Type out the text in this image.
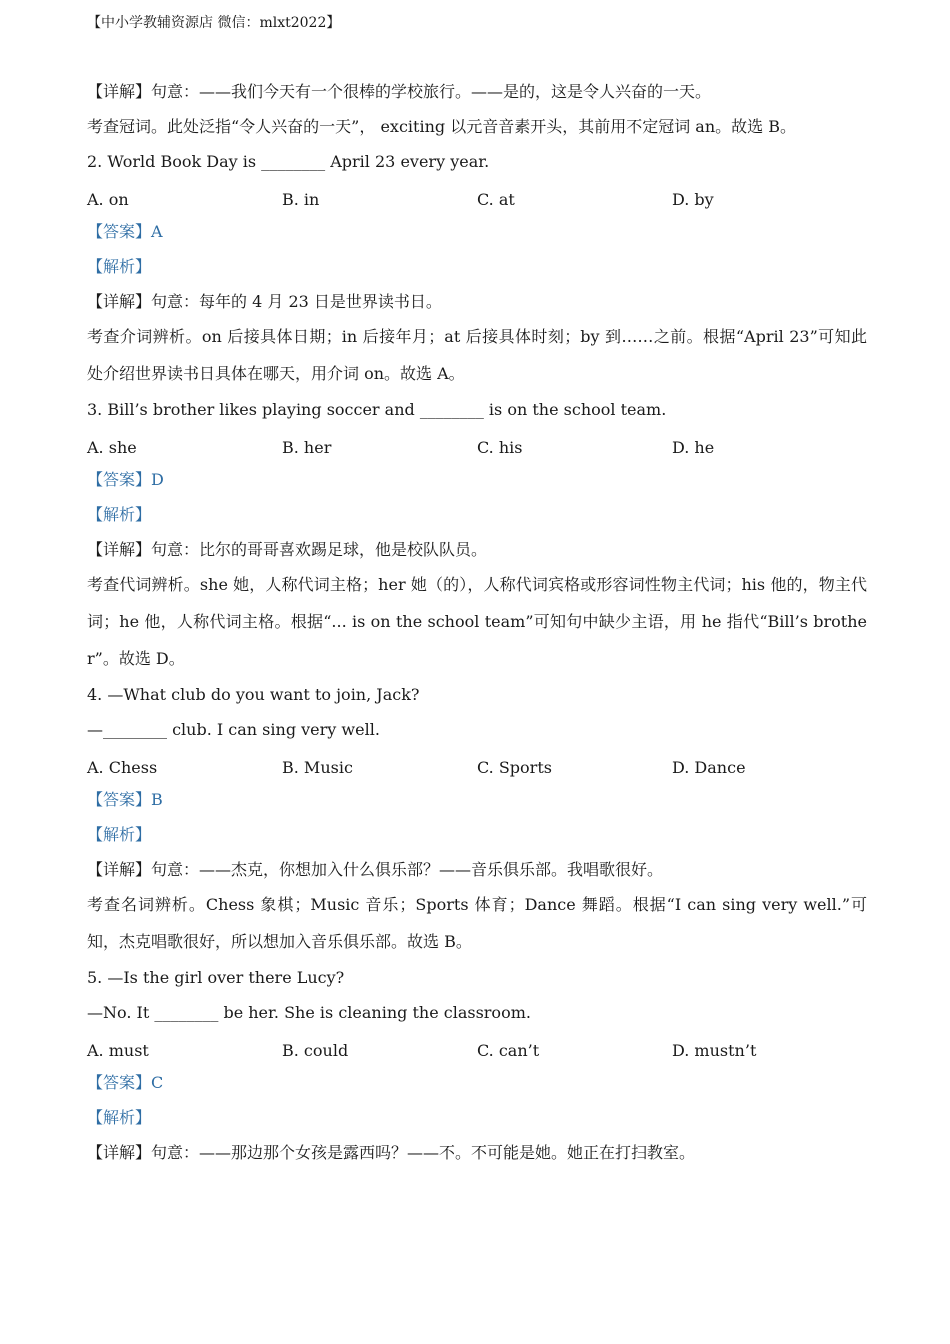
【中小学教辅资源店 微信：mlxt2022】
【详解】句意：——我们今天有一个很棒的学校旅行。——是的，这是令人兴奋的一天。
考查冠词。此处泛指“令人兴奋的一天”， exciting 以元音音素开头，其前用不定冠词 an。故选 B。
2. World Book Day is ________ April 23 every year.
A. on	B. in	C. at	D. by
【答案】A
【解析】
【详解】句意：每年的 4 月 23 日是世界读书日。
考查介词辨析。on 后接具体日期；in 后接年月；at 后接具体时刻；by 到……之前。根据“April 23”可知此处介绍世界读书日具体在哪天，用介词 on。故选 A。
3. Bill’s brother likes playing soccer and ________ is on the school team.
A. she	B. her	C. his	D. he
【答案】D
【解析】
【详解】句意：比尔的哥哥喜欢踢足球，他是校队队员。
考查代词辨析。she 她，人称代词主格；her 她（的），人称代词宾格或形容词性物主代词；his 他的，物主代词；he 他，人称代词主格。根据“... is on the school team”可知句中缺少主语，用 he 指代“Bill’s brother”。故选 D。
4. —What club do you want to join, Jack?
—________ club. I can sing very well.
A. Chess	B. Music	C. Sports	D. Dance
【答案】B
【解析】
【详解】句意：——杰克，你想加入什么俱乐部？——音乐俱乐部。我唱歌很好。
考查名词辨析。Chess 象棋；Music 音乐；Sports 体育；Dance 舞蹈。根据“I can sing very well.”可知，杰克唱歌很好，所以想加入音乐俱乐部。故选 B。
5. —Is the girl over there Lucy?
—No. It ________ be her. She is cleaning the classroom.
A. must	B. could	C. can’t	D. mustn’t
【答案】C
【解析】
【详解】句意：——那边那个女孩是露西吗？——不。不可能是她。她正在打扫教室。
